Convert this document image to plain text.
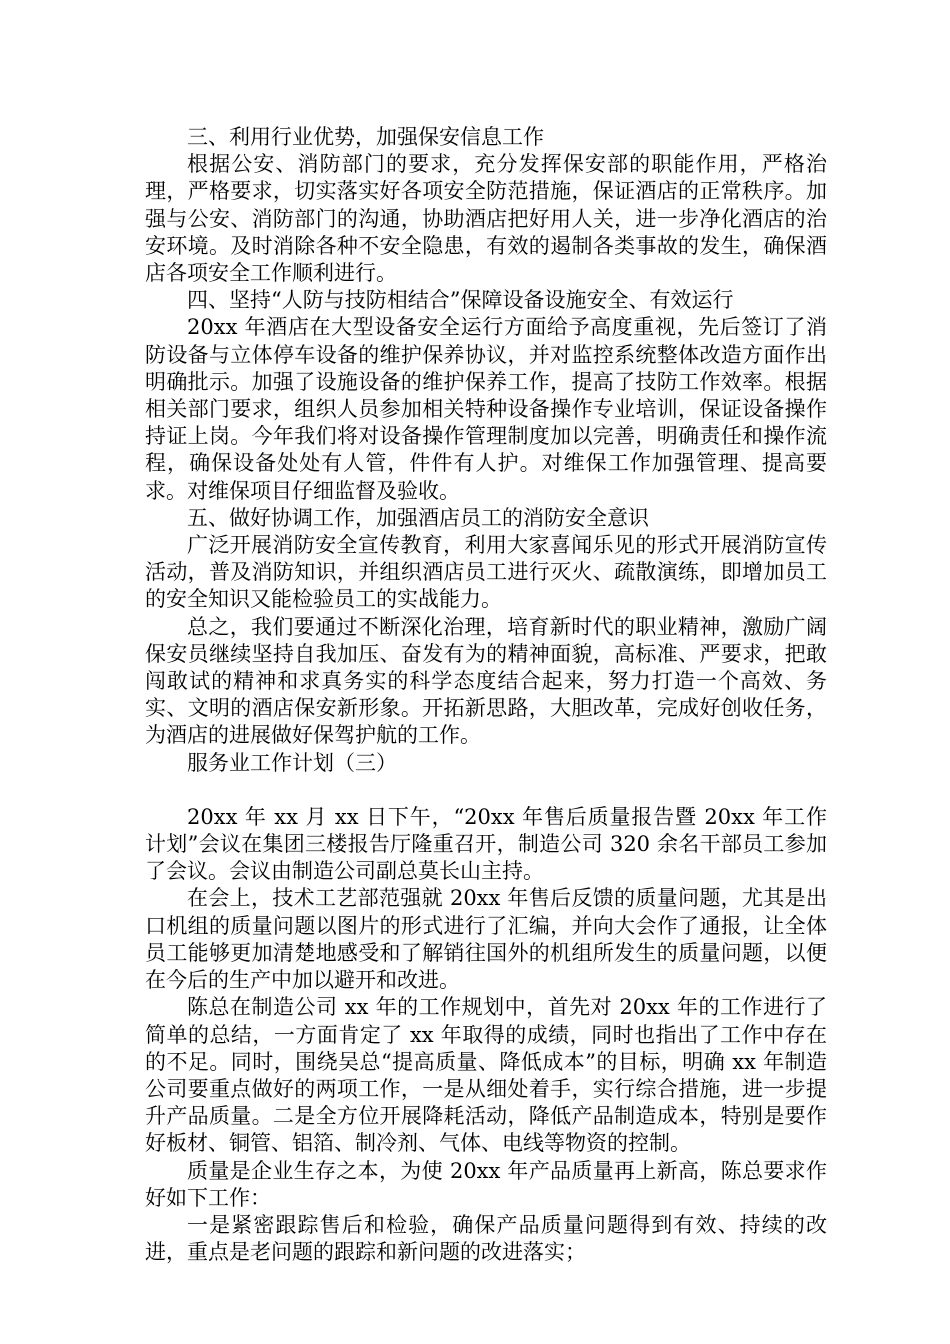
三、利用行业优势，加强保安信息工作

根据公安、消防部门的要求，充分发挥保安部的职能作用，严格治理，严格要求，切实落实好各项安全防范措施，保证酒店的正常秩序。加强与公安、消防部门的沟通，协助酒店把好用人关，进一步净化酒店的治安环境。及时消除各种不安全隐患，有效的遏制各类事故的发生，确保酒店各项安全工作顺利进行。

四、坚持“人防与技防相结合”保障设备设施安全、有效运行

20xx 年酒店在大型设备安全运行方面给予高度重视，先后签订了消防设备与立体停车设备的维护保养协议，并对监控系统整体改造方面作出明确批示。加强了设施设备的维护保养工作，提高了技防工作效率。根据相关部门要求，组织人员参加相关特种设备操作专业培训，保证设备操作持证上岗。今年我们将对设备操作管理制度加以完善，明确责任和操作流程，确保设备处处有人管，件件有人护。对维保工作加强管理、提高要求。对维保项目仔细监督及验收。

五、做好协调工作，加强酒店员工的消防安全意识

广泛开展消防安全宣传教育，利用大家喜闻乐见的形式开展消防宣传活动，普及消防知识，并组织酒店员工进行灭火、疏散演练，即增加员工的安全知识又能检验员工的实战能力。

总之，我们要通过不断深化治理，培育新时代的职业精神，激励广阔保安员继续坚持自我加压、奋发有为的精神面貌，高标准、严要求，把敢闯敢试的精神和求真务实的科学态度结合起来，努力打造一个高效、务实、文明的酒店保安新形象。开拓新思路，大胆改革，完成好创收任务，为酒店的进展做好保驾护航的工作。

服务业工作计划（三）

20xx 年 xx 月 xx 日下午，“20xx 年售后质量报告暨 20xx 年工作计划”会议在集团三楼报告厅隆重召开，制造公司 320 余名干部员工参加了会议。会议由制造公司副总莫长山主持。

在会上，技术工艺部范强就 20xx 年售后反馈的质量问题，尤其是出口机组的质量问题以图片的形式进行了汇编，并向大会作了通报，让全体员工能够更加清楚地感受和了解销往国外的机组所发生的质量问题，以便在今后的生产中加以避开和改进。

陈总在制造公司 xx 年的工作规划中，首先对 20xx 年的工作进行了简单的总结，一方面肯定了 xx 年取得的成绩，同时也指出了工作中存在的不足。同时，围绕吴总“提高质量、降低成本”的目标，明确 xx 年制造公司要重点做好的两项工作，一是从细处着手，实行综合措施，进一步提升产品质量。二是全方位开展降耗活动，降低产品制造成本，特别是要作好板材、铜管、铝箔、制冷剂、气体、电线等物资的控制。

质量是企业生存之本，为使 20xx 年产品质量再上新高，陈总要求作好如下工作：

一是紧密跟踪售后和检验，确保产品质量问题得到有效、持续的改进，重点是老问题的跟踪和新问题的改进落实；
